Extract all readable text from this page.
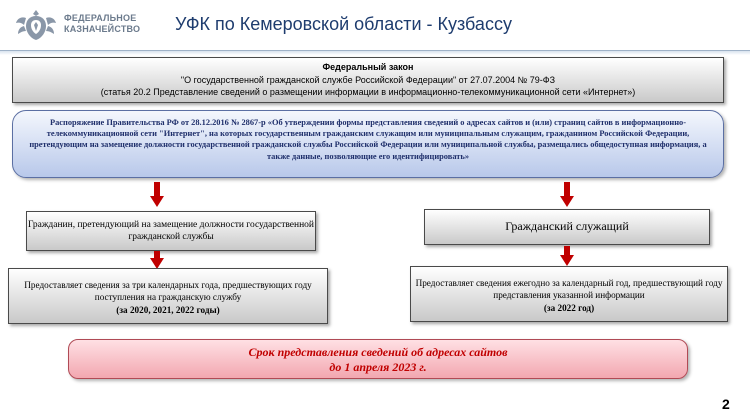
ФЕДЕРАЛЬНОЕ
КАЗНАЧЕЙСТВО	УФК по Кемеровской области - Кузбассу
Федеральный закон
"О государственной гражданской службе Российской Федерации" от 27.07.2004 № 79-ФЗ
(статья 20.2 Представление сведений о размещении информации в информационно-телекоммуникационной сети «Интернет»)
Распоряжение Правительства РФ от 28.12.2016 № 2867-р «Об утверждении формы представления сведений о адресах сайтов и (или) страниц сайтов в информационно-телекоммуникационной сети "Интернет", на которых государственным гражданским служащим или муниципальным служащим, гражданином Российской Федерации, претендующим на замещение должности государственной гражданской службы Российской Федерации или муниципальной службы, размещались общедоступная информация, а также данные, позволяющие его идентифицировать»
Гражданин, претендующий на замещение должности государственной гражданской службы
Гражданский служащий
Предоставляет сведения за три календарных года, предшествующих году поступления на гражданскую службу
(за 2020, 2021, 2022 годы)
Предоставляет сведения ежегодно за календарный год, предшествующий году представления указанной информации
(за 2022 год)
Срок представления сведений об адресах сайтов
до 1 апреля 2023 г.
2
